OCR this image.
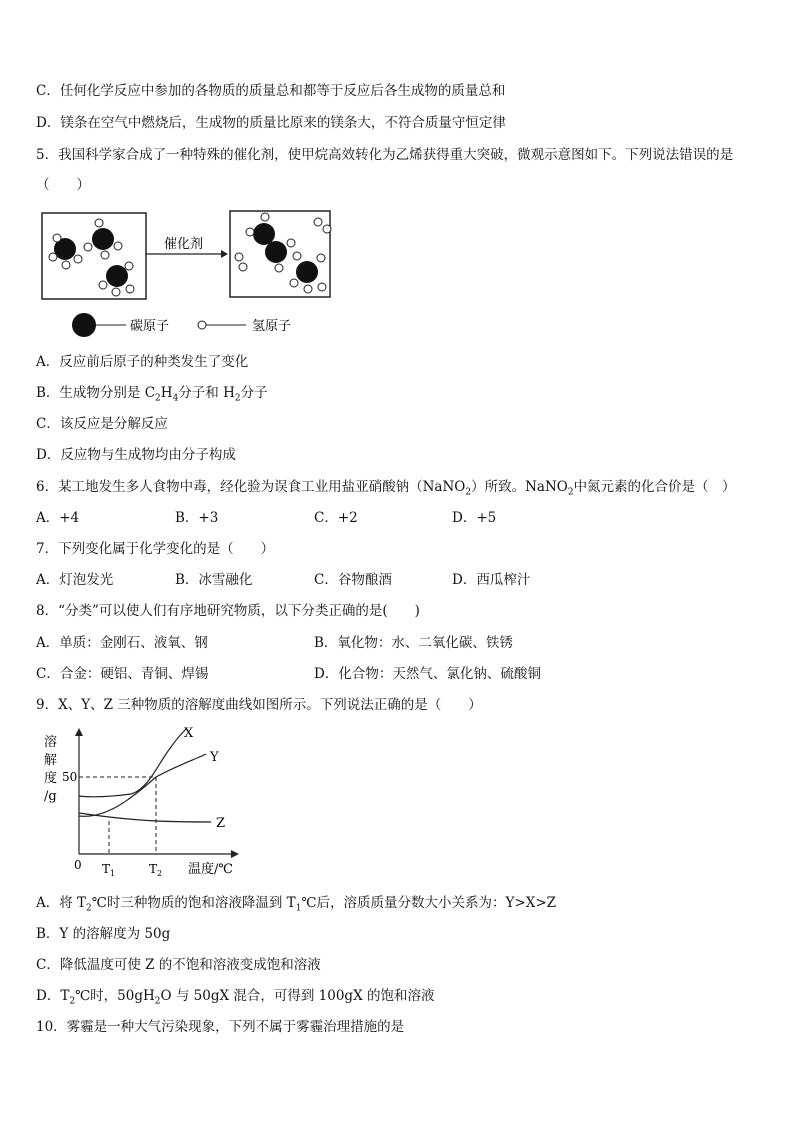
C．任何化学反应中参加的各物质的质量总和都等于反应后各生成物的质量总和
D．镁条在空气中燃烧后，生成物的质量比原来的镁条大，不符合质量守恒定律
5．我国科学家合成了一种特殊的催化剂，使甲烷高效转化为乙烯获得重大突破，微观示意图如下。下列说法错误的是
（　　）
催化剂
碳原子	氢原子
A．反应前后原子的种类发生了变化
B．生成物分别是 $C_2H_4$分子和 $H_2$分子
C．该反应是分解反应
D．反应物与生成物均由分子构成
6．某工地发生多人食物中毒，经化验为误食工业用盐亚硝酸钠（NaNO$_2$）所致。NaNO$_2$中氮元素的化合价是（　）
A．+4	B．+3	C．+2	D．+5
7．下列变化属于化学变化的是（　　）
A．灯泡发光	B．冰雪融化	C．谷物酿酒	D．西瓜榨汁
8．“分类”可以使人们有序地研究物质，以下分类正确的是(　　)
A．单质：金刚石、液氧、钢	B．氧化物：水、二氧化碳、铁锈
C．合金：硬铝、青铜、焊锡	D．化合物：天然气、氯化钠、硫酸铜
9．X、Y、Z 三种物质的溶解度曲线如图所示。下列说法正确的是（　　）
溶
解
度
/g
50
0 $T_1$	$T_2$ 温度/℃
X
Y
Z
A．将 $T_2℃$时三种物质的饱和溶液降温到 $T_1℃$后，溶质质量分数大小关系为：Y>X>Z
B．Y 的溶解度为 50g
C．降低温度可使 Z 的不饱和溶液变成饱和溶液
D．$T_2℃$时，$50gH_2O$ 与 50gX 混合，可得到 100gX 的饱和溶液
10．雾霾是一种大气污染现象，下列不属于雾霾治理措施的是
